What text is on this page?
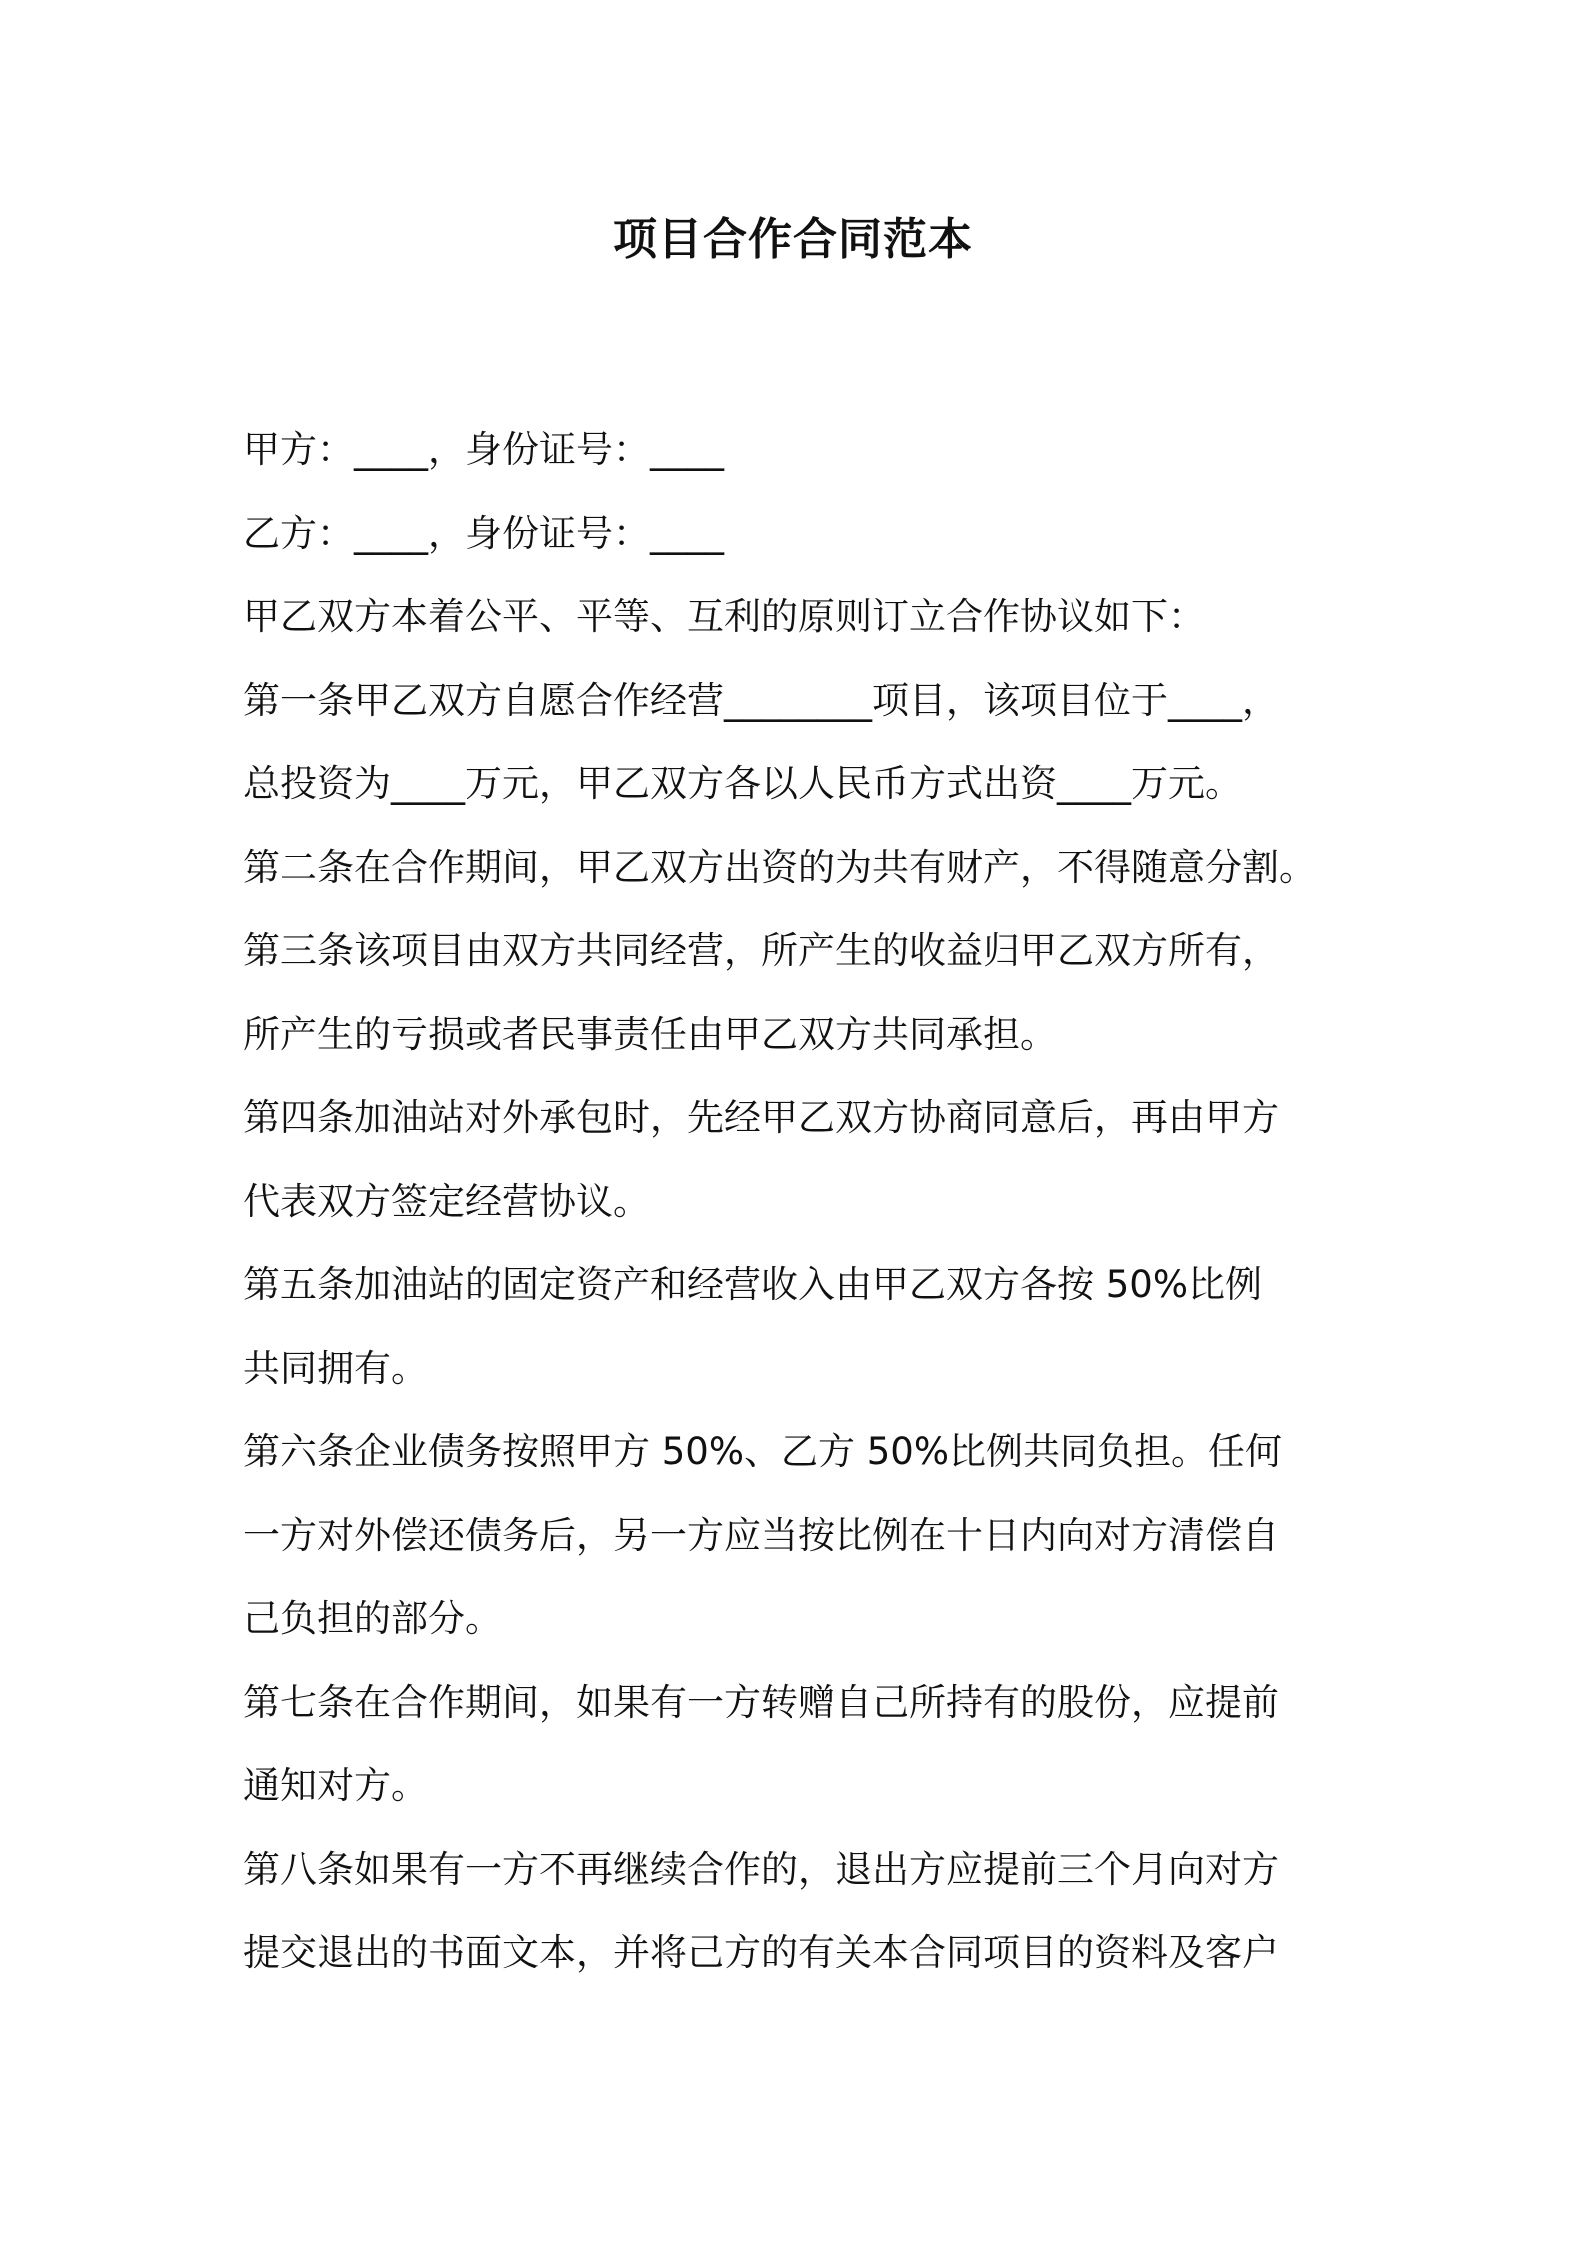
项目合作合同范本
甲方：____，身份证号：____
乙方：____，身份证号：____
甲乙双方本着公平、平等、互利的原则订立合作协议如下：
第一条甲乙双方自愿合作经营________项目，该项目位于____，
总投资为____万元，甲乙双方各以人民币方式出资____万元。
第二条在合作期间，甲乙双方出资的为共有财产，不得随意分割。
第三条该项目由双方共同经营，所产生的收益归甲乙双方所有，
所产生的亏损或者民事责任由甲乙双方共同承担。
第四条加油站对外承包时，先经甲乙双方协商同意后，再由甲方
代表双方签定经营协议。
第五条加油站的固定资产和经营收入由甲乙双方各按 50%比例
共同拥有。
第六条企业债务按照甲方 50%、乙方 50%比例共同负担。任何
一方对外偿还债务后，另一方应当按比例在十日内向对方清偿自
己负担的部分。
第七条在合作期间，如果有一方转赠自己所持有的股份，应提前
通知对方。
第八条如果有一方不再继续合作的，退出方应提前三个月向对方
提交退出的书面文本，并将己方的有关本合同项目的资料及客户
